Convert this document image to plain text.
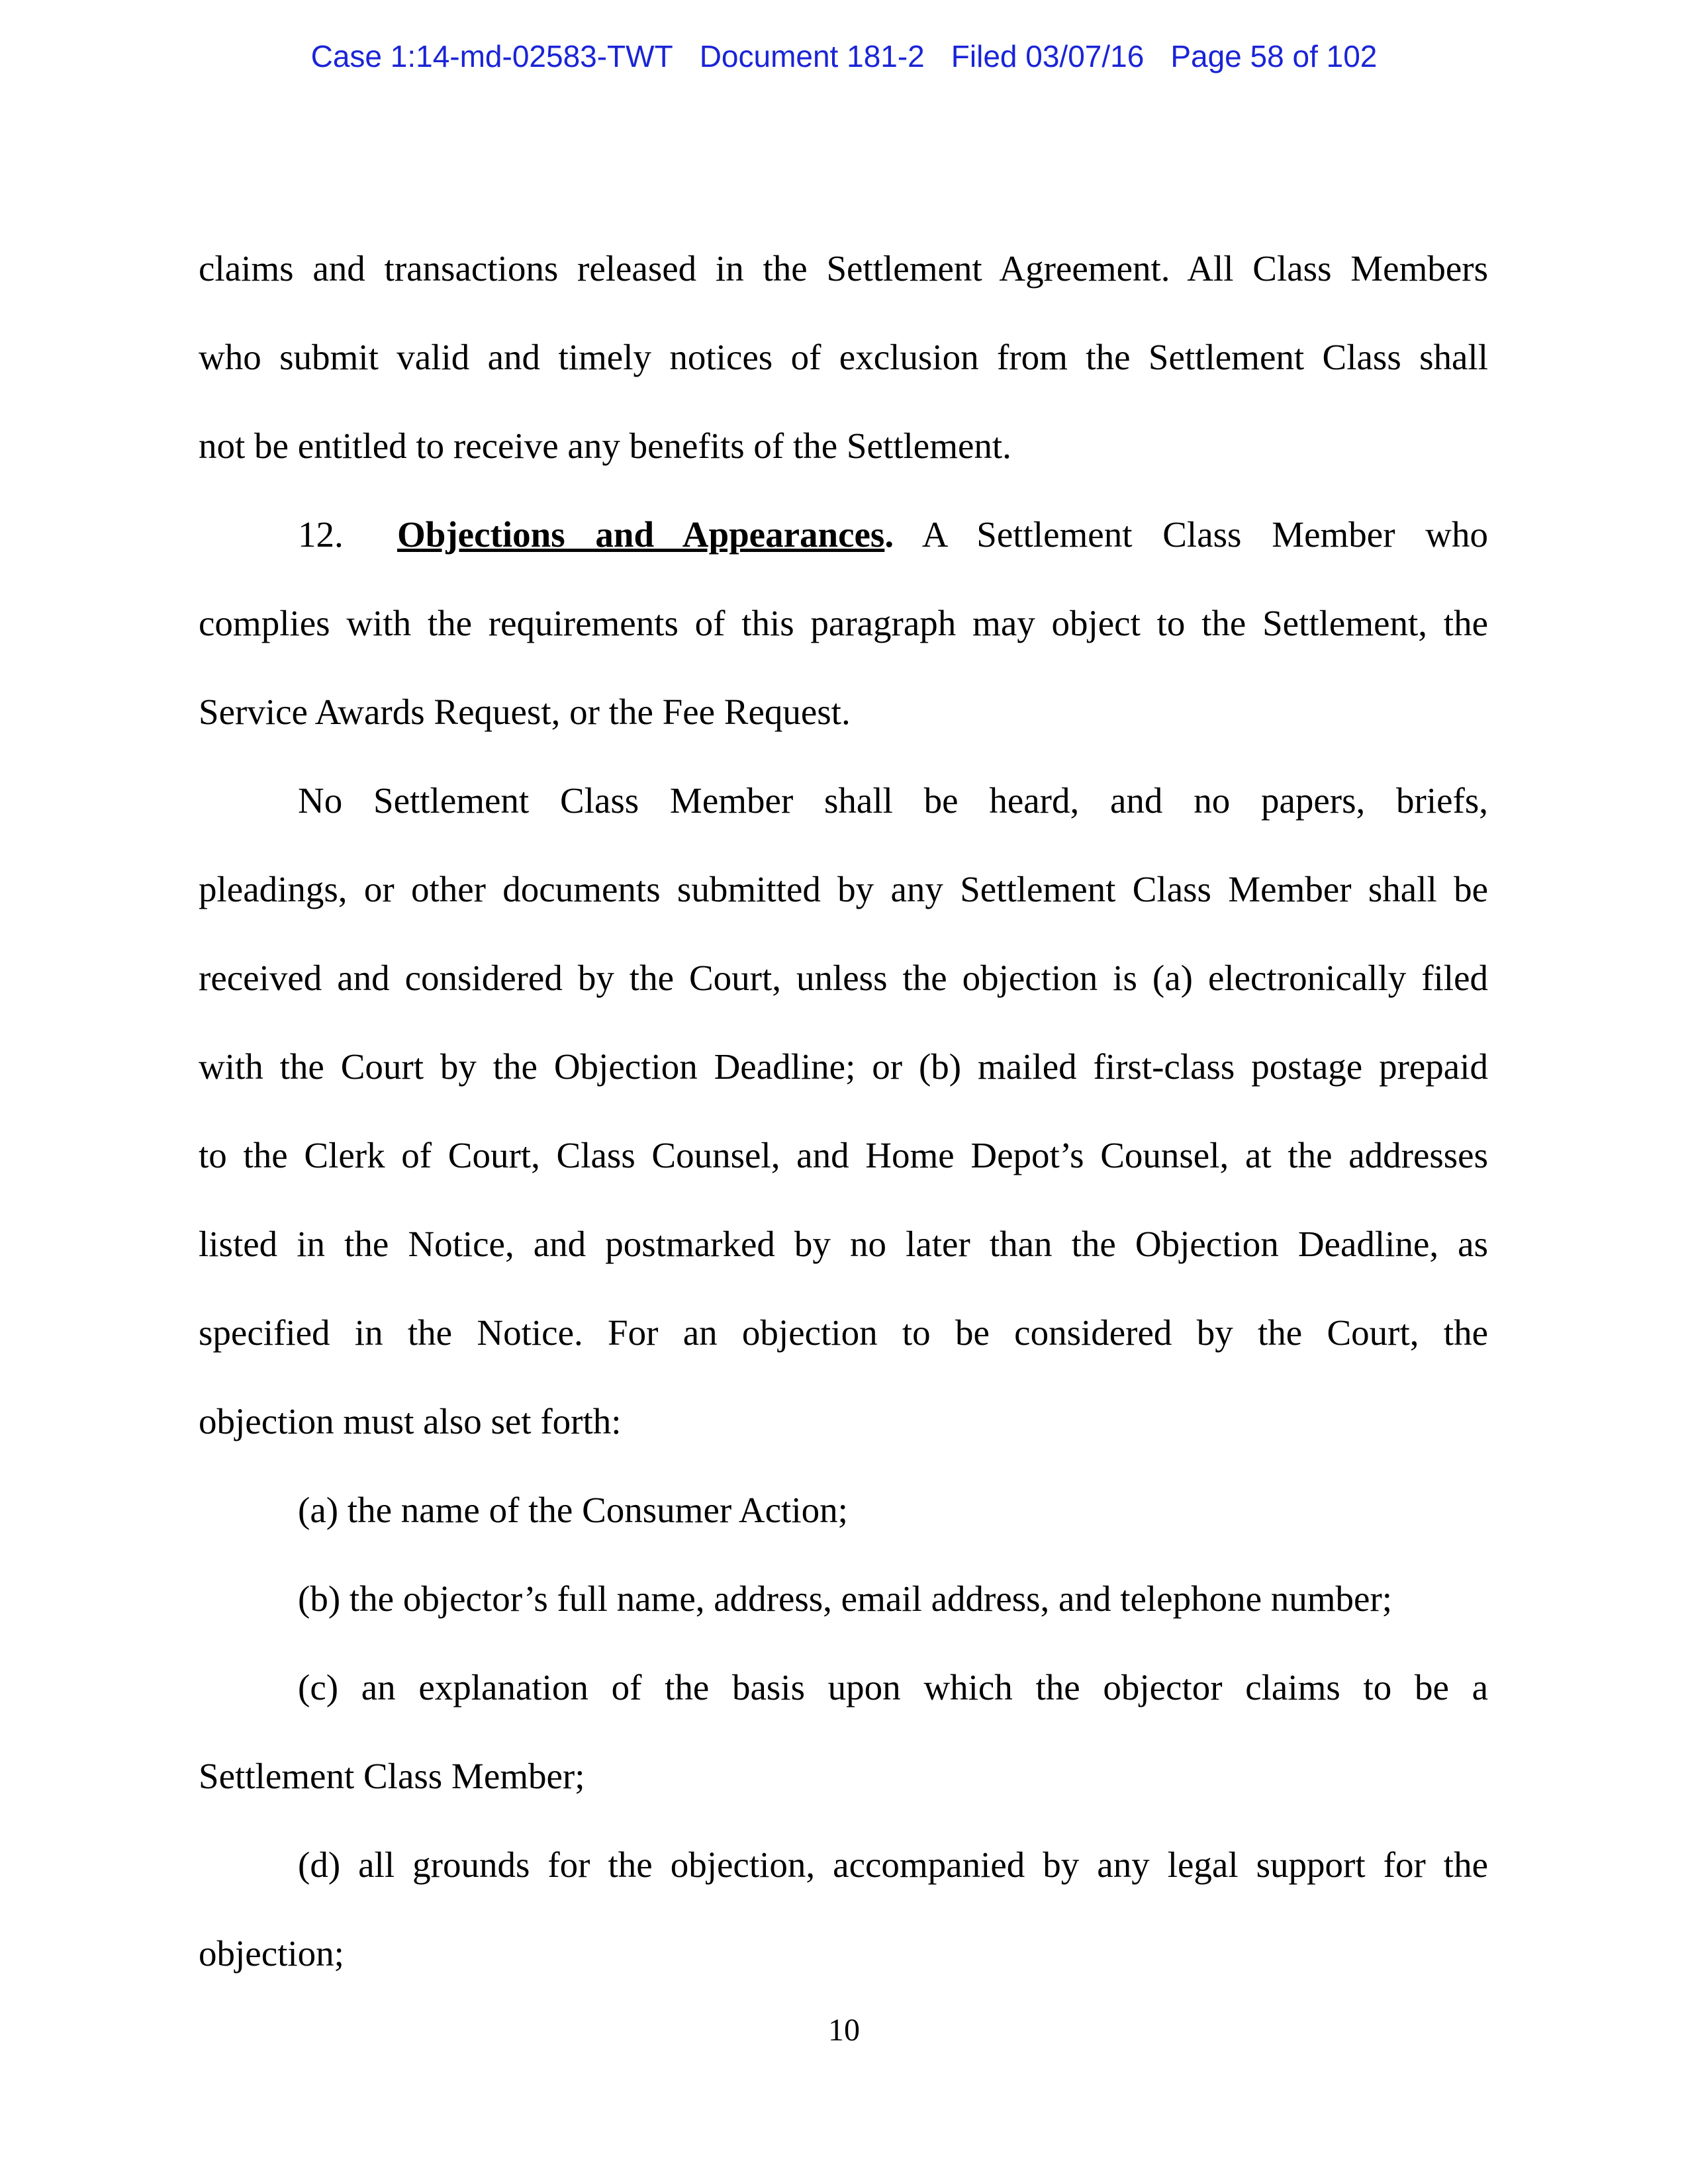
Case 1:14-md-02583-TWT Document 181-2 Filed 03/07/16 Page 58 of 102
claims and transactions released in the Settlement Agreement. All Class Members
who submit valid and timely notices of exclusion from the Settlement Class shall
not be entitled to receive any benefits of the Settlement.
12. Objections and Appearances. A Settlement Class Member who
complies with the requirements of this paragraph may object to the Settlement, the
Service Awards Request, or the Fee Request.
No Settlement Class Member shall be heard, and no papers, briefs,
pleadings, or other documents submitted by any Settlement Class Member shall be
received and considered by the Court, unless the objection is (a) electronically filed
with the Court by the Objection Deadline; or (b) mailed first-class postage prepaid
to the Clerk of Court, Class Counsel, and Home Depot’s Counsel, at the addresses
listed in the Notice, and postmarked by no later than the Objection Deadline, as
specified in the Notice. For an objection to be considered by the Court, the
objection must also set forth:
(a) the name of the Consumer Action;
(b) the objector’s full name, address, email address, and telephone number;
(c) an explanation of the basis upon which the objector claims to be a
Settlement Class Member;
(d) all grounds for the objection, accompanied by any legal support for the
objection;
10
